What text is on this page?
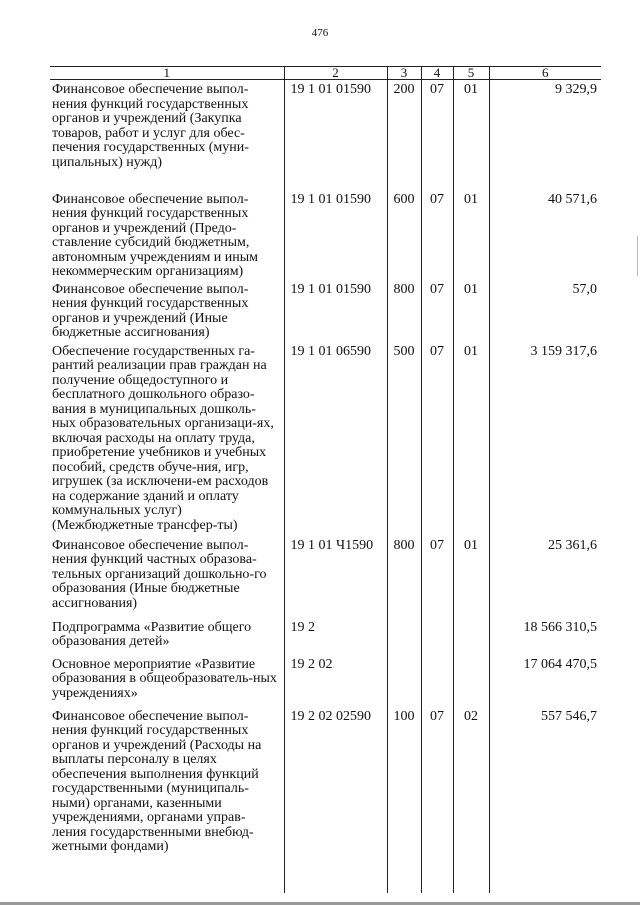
476
1	2	3	4	5	6
Финансовое обеспечение выпол-нения функций государственных органов и учреждений (Закупка товаров, работ и услуг для обес-печения государственных (муни-ципальных) нужд)	19 1 01 01590	200	07	01	9 329,9
Финансовое обеспечение выпол-нения функций государственных органов и учреждений (Предо-ставление субсидий бюджетным, автономным учреждениям и иным некоммерческим организациям)	19 1 01 01590	600	07	01	40 571,6
Финансовое обеспечение выпол-нения функций государственных органов и учреждений (Иные бюджетные ассигнования)	19 1 01 01590	800	07	01	57,0
Обеспечение государственных га-рантий реализации прав граждан на получение общедоступного и бесплатного дошкольного образо-вания в муниципальных дошколь-ных образовательных организаци-ях, включая расходы на оплату труда, приобретение учебников и учебных пособий, средств обуче-ния, игр, игрушек (за исключени-ем расходов на содержание зданий и оплату коммунальных услуг) (Межбюджетные трансфер-ты)	19 1 01 06590	500	07	01	3 159 317,6
Финансовое обеспечение выпол-нения функций частных образова-тельных организаций дошкольно-го образования (Иные бюджетные ассигнования)	19 1 01 Ч1590	800	07	01	25 361,6
Подпрограмма «Развитие общего образования детей»	19 2				18 566 310,5
Основное мероприятие «Развитие образования в общеобразователь-ных учреждениях»	19 2 02				17 064 470,5
Финансовое обеспечение выпол-нения функций государственных органов и учреждений (Расходы на выплаты персоналу в целях обеспечения выполнения функций государственными (муниципаль-ными) органами, казенными учреждениями, органами управ-ления государственными внебюд-жетными фондами)	19 2 02 02590	100	07	02	557 546,7
